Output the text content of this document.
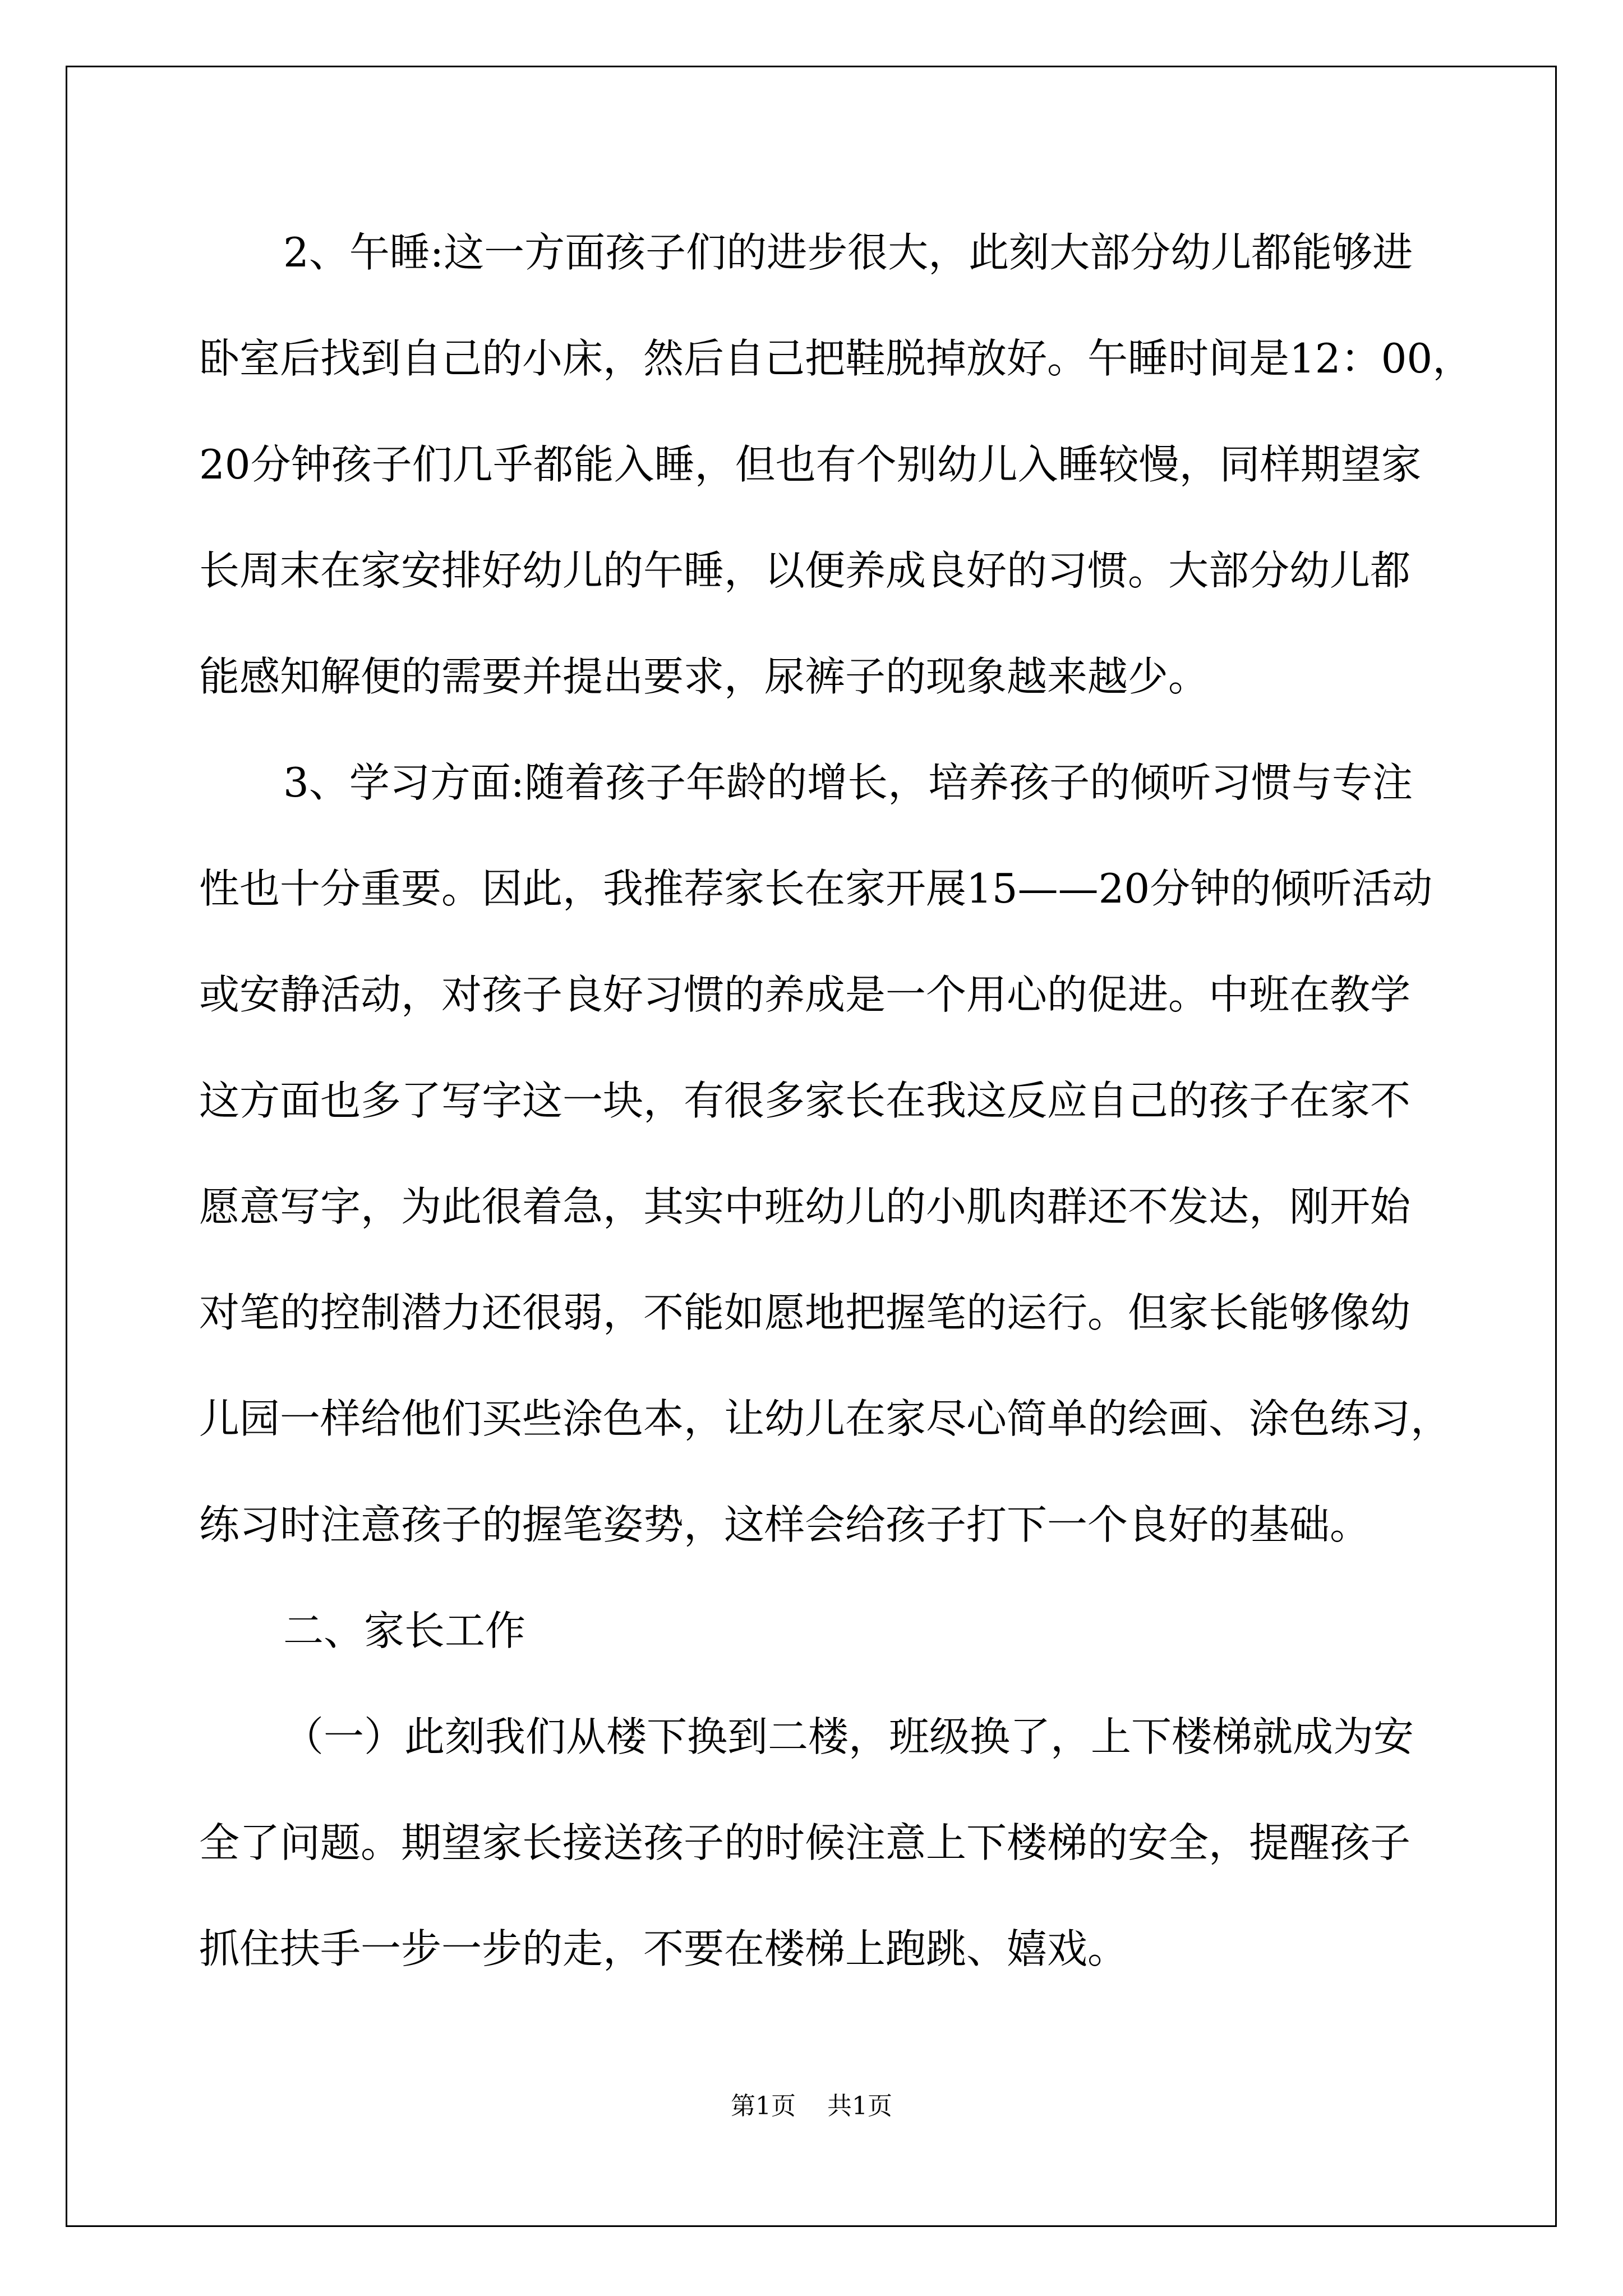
2、午睡:这一方面孩子们的进步很大，此刻大部分幼儿都能够进
卧室后找到自己的小床，然后自己把鞋脱掉放好。午睡时间是12：00，
20分钟孩子们几乎都能入睡，但也有个别幼儿入睡较慢，同样期望家
长周末在家安排好幼儿的午睡，以便养成良好的习惯。大部分幼儿都
能感知解便的需要并提出要求，尿裤子的现象越来越少。
3、学习方面:随着孩子年龄的增长，培养孩子的倾听习惯与专注
性也十分重要。因此，我推荐家长在家开展15——20分钟的倾听活动
或安静活动，对孩子良好习惯的养成是一个用心的促进。中班在教学
这方面也多了写字这一块，有很多家长在我这反应自己的孩子在家不
愿意写字，为此很着急，其实中班幼儿的小肌肉群还不发达，刚开始
对笔的控制潜力还很弱，不能如愿地把握笔的运行。但家长能够像幼
儿园一样给他们买些涂色本，让幼儿在家尽心简单的绘画、涂色练习，
练习时注意孩子的握笔姿势，这样会给孩子打下一个良好的基础。
二、家长工作
（一）此刻我们从楼下换到二楼，班级换了，上下楼梯就成为安
全了问题。期望家长接送孩子的时候注意上下楼梯的安全，提醒孩子
抓住扶手一步一步的走，不要在楼梯上跑跳、嬉戏。
第1页 共1页
